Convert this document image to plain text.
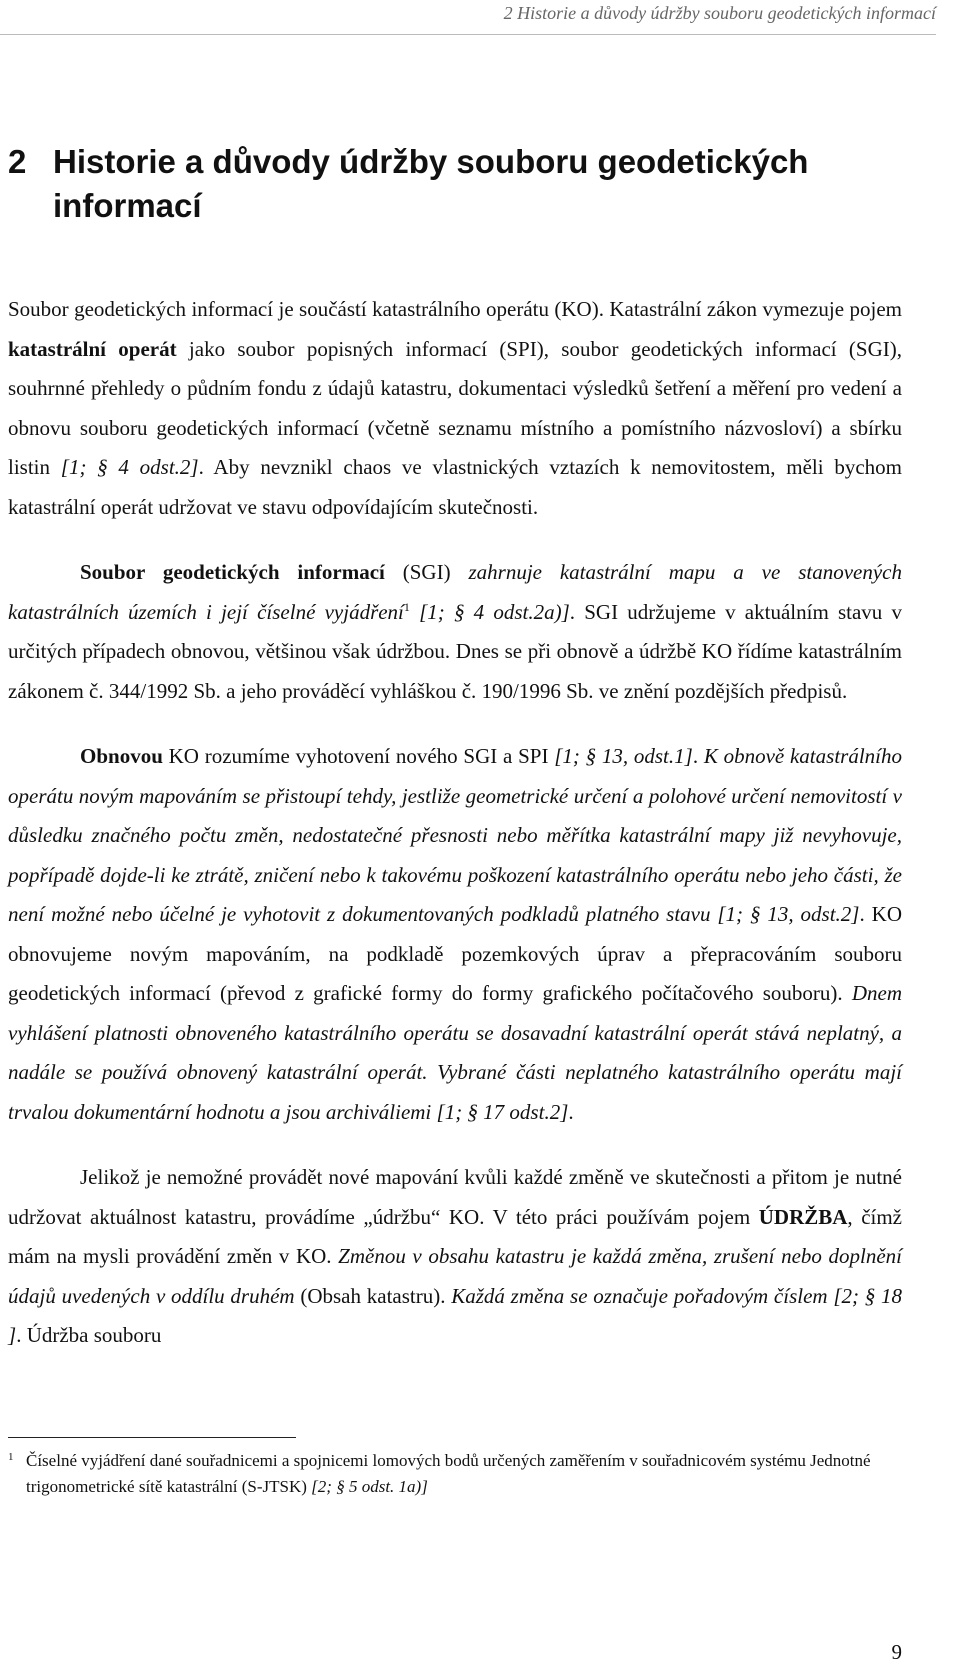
2 Historie a důvody údržby souboru geodetických informací
2 Historie a důvody údržby souboru geodetických informací

Soubor geodetických informací je součástí katastrálního operátu (KO). Katastrální zákon vymezuje pojem katastrální operát jako soubor popisných informací (SPI), soubor geodetických informací (SGI), souhrnné přehledy o půdním fondu z údajů katastru, dokumentaci výsledků šetření a měření pro vedení a obnovu souboru geodetických informací (včetně seznamu místního a pomístního názvosloví) a sbírku listin [1; § 4 odst.2]. Aby nevznikl chaos ve vlastnických vztazích k nemovitostem, měli bychom katastrální operát udržovat ve stavu odpovídajícím skutečnosti.

Soubor geodetických informací (SGI) zahrnuje katastrální mapu a ve stanovených katastrálních územích i její číselné vyjádření$^1$ [1; § 4 odst.2a)]. SGI udržujeme v aktuálním stavu v určitých případech obnovou, většinou však údržbou. Dnes se při obnově a údržbě KO řídíme katastrálním zákonem č. 344/1992 Sb. a jeho prováděcí vyhláškou č. 190/1996 Sb. ve znění pozdějších předpisů.

Obnovou KO rozumíme vyhotovení nového SGI a SPI [1; § 13, odst.1]. K obnově katastrálního operátu novým mapováním se přistoupí tehdy, jestliže geometrické určení a polohové určení nemovitostí v důsledku značného počtu změn, nedostatečné přesnosti nebo měřítka katastrální mapy již nevyhovuje, popřípadě dojde-li ke ztrátě, zničení nebo k takovému poškození katastrálního operátu nebo jeho části, že není možné nebo účelné je vyhotovit z dokumentovaných podkladů platného stavu [1; § 13, odst.2]. KO obnovujeme novým mapováním, na podkladě pozemkových úprav a přepracováním souboru geodetických informací (převod z grafické formy do formy grafického počítačového souboru). Dnem vyhlášení platnosti obnoveného katastrálního operátu se dosavadní katastrální operát stává neplatný, a nadále se používá obnovený katastrální operát. Vybrané části neplatného katastrálního operátu mají trvalou dokumentární hodnotu a jsou archiváliemi [1; § 17 odst.2].

Jelikož je nemožné provádět nové mapování kvůli každé změně ve skutečnosti a přitom je nutné udržovat aktuálnost katastru, provádíme „údržbu“ KO. V této práci používám pojem ÚDRŽBA, čímž mám na mysli provádění změn v KO. Změnou v obsahu katastru je každá změna, zrušení nebo doplnění údajů uvedených v oddílu druhém (Obsah katastru). Každá změna se označuje pořadovým číslem [2; § 18 ]. Údržba souboru

1 Číselné vyjádření dané souřadnicemi a spojnicemi lomových bodů určených zaměřením v souřadnicovém systému Jednotné trigonometrické sítě katastrální (S-JTSK) [2; § 5 odst. 1a)]
9
